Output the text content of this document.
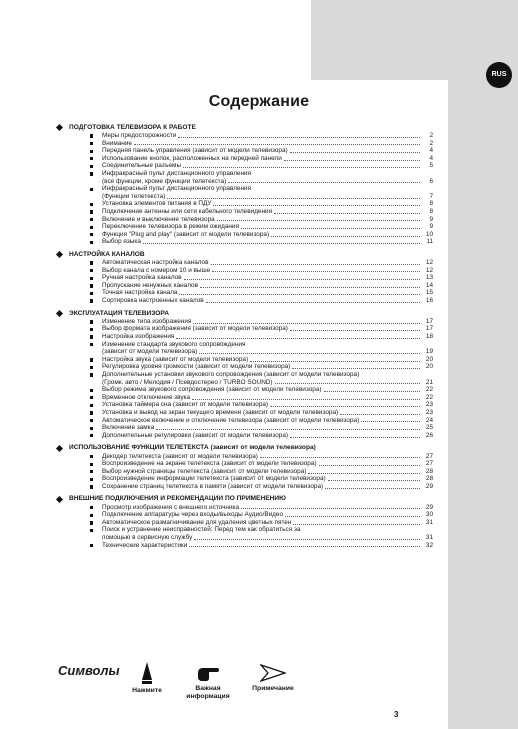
RUS
Содержание
ПОДГОТОВКА ТЕЛЕВИЗОРА К РАБОТЕ
Меры предосторожности	2
Внимание	2
Передняя панель управления (зависит от модели телевизора)	4
Использование кнопок, расположенных на передней панели	4
Соединительные разъемы	5
Инфракрасный пульт дистанционного управления
(все функции, кроме функции телетекста)	6
Инфракрасный пульт дистанционного управления
(Функции телетекста)	7
Установка элементов питания в ПДУ	8
Подключение антенны или сети кабельного телевидения	8
Включение и выключение телевизора	9
Переключение телевизора в режим ожидания	9
Функция "Plug and play" (зависит от модели телевизора)	10
Выбор языка	11
НАСТРОЙКА КАНАЛОВ
Автоматическая настройка каналов	12
Выбор канала с номером 10 и выше	12
Ручная настройка каналов	13
Пропускание ненужных каналов	14
Точная настройка канала	15
Сортировка настроенных каналов	16
ЭКСПЛУАТАЦИЯ ТЕЛЕВИЗОРА
Изменение типа изображения	17
Выбор формата изображения (зависит от модели телевизора)	17
Настройка изображения	18
Изменение стандарта звукового сопровождения
(зависит от модели телевизора)	19
Настройка звука (зависит от модели телевизора)	20
Регулировка уровня громкости (зависит от модели телевизора)	20
Дополнительные установки звукового сопровождения (зависит от модели телевизора)
(Громк. авто / Мелодия / Псевдостерео / TURBO SOUND)	21
Выбор режима звукового сопровождения (зависит от модели телевизора)	22
Временное отключение звука	22
Установка таймера сна (зависит от модели телевизора)	23
Установка и вывод на экран текущего времени (зависит от модели телевизора)	23
Автоматическое включение и отключение телевизора (зависит от модели телевизора)	24
Включение замка	25
Дополнительные регулировки (зависит от модели телевизора)	26
ИСПОЛЬЗОВАНИЕ ФУНКЦИИ ТЕЛЕТЕКСТА (зависит от модели телевизора)
Декодер телетекста (зависит от модели телевизора)	27
Воспроизведение на экране телетекста (зависит от модели телевизора)	27
Выбор нужной страницы телетекста (зависит от модели телевизора)	28
Воспроизведение информации телетекста (зависит от модели телевизора)	28
Сохранение страниц телетекста в памяти (зависит от модели телевизора)	29
ВНЕШНИЕ ПОДКЛЮЧЕНИЯ И РЕКОМЕНДАЦИИ ПО ПРИМЕНЕНИЮ
Просмотр изображения с внешнего источника	29
Подключение аппаратуры через входы/выходы Аудио/Видео	30
Автоматическое размагничивание для удаления цветных пятен	31
Поиск и устранение неисправностей: Перед тем как обратиться за
помощью в сервисную службу	31
Технические характеристики	32
Символы
Нажмите	Важная информация
Примечание
3
